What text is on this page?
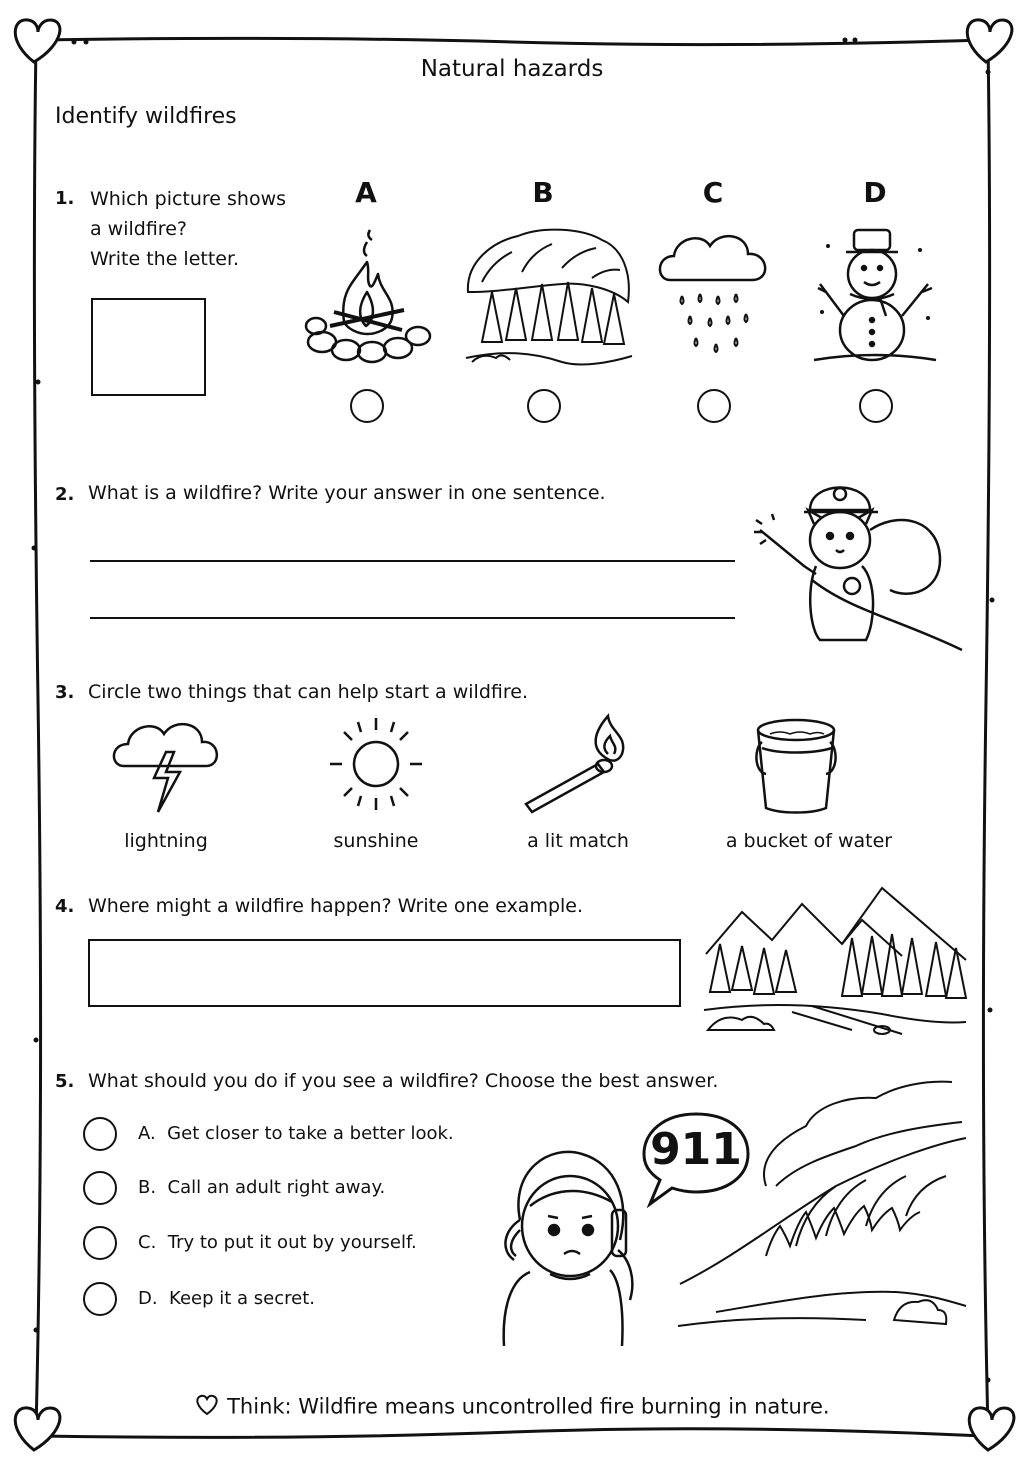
Natural hazards
Identify wildfires
1. Which picture shows
a wildfire?
Write the letter.
A	B	C	D
2. What is a wildfire? Write your answer in one sentence.
3. Circle two things that can help start a wildfire.
lightning	sunshine	a lit match	a bucket of water
4. Where might a wildfire happen? Write one example.
5. What should you do if you see a wildfire? Choose the best answer.
A. Get closer to take a better look.
B. Call an adult right away.
C. Try to put it out by yourself.
D. Keep it a secret.
911
Think: Wildfire means uncontrolled fire burning in nature.
